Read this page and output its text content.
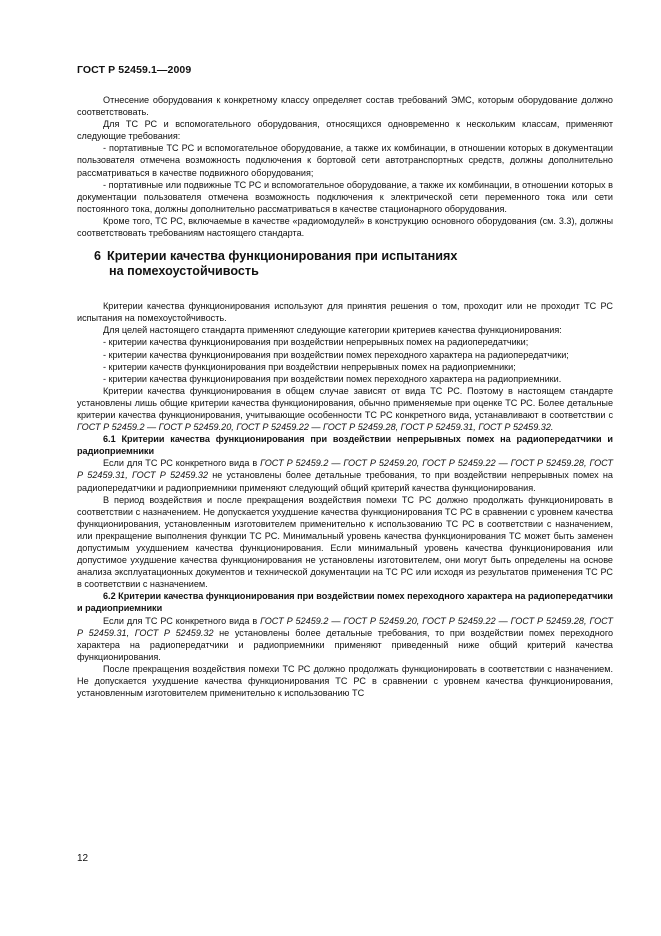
ГОСТ Р 52459.1—2009

Отнесение оборудования к конкретному классу определяет состав требований ЭМС, которым оборудование должно соответствовать.

Для ТС РС и вспомогательного оборудования, относящихся одновременно к нескольким классам, применяют следующие требования:

- портативные ТС РС и вспомогательное оборудование, а также их комбинации, в отношении которых в документации пользователя отмечена возможность подключения к бортовой сети автотранспортных средств, должны дополнительно рассматриваться в качестве подвижного оборудования;

- портативные или подвижные ТС РС и вспомогательное оборудование, а также их комбинации, в отношении которых в документации пользователя отмечена возможность подключения к электрической сети переменного тока или сети постоянного тока, должны дополнительно рассматриваться в качестве стационарного оборудования.

Кроме того, ТС РС, включаемые в качестве «радиомодулей» в конструкцию основного оборудования (см. 3.3), должны соответствовать требованиям настоящего стандарта.

6 Критерии качества функционирования при испытаниях
на помехоустойчивость

Критерии качества функционирования используют для принятия решения о том, проходит или не проходит ТС РС испытания на помехоустойчивость.

Для целей настоящего стандарта применяют следующие категории критериев качества функционирования:

- критерии качества функционирования при воздействии непрерывных помех на радиопередатчики;

- критерии качества функционирования при воздействии помех переходного характера на радиопередатчики;

- критерии качеств функционирования при воздействии непрерывных помех на радиоприемники;

- критерии качества функционирования при воздействии помех переходного характера на радиоприемники.

Критерии качества функционирования в общем случае зависят от вида ТС РС. Поэтому в настоящем стандарте установлены лишь общие критерии качества функционирования, обычно применяемые при оценке ТС РС. Более детальные критерии качества функционирования, учитывающие особенности ТС РС конкретного вида, устанавливают в соответствии с ГОСТ Р 52459.2 — ГОСТ Р 52459.20, ГОСТ Р 52459.22 — ГОСТ Р 52459.28, ГОСТ Р 52459.31, ГОСТ Р 52459.32.

6.1 Критерии качества функционирования при воздействии непрерывных помех на радиопередатчики и радиоприемники

Если для ТС РС конкретного вида в ГОСТ Р 52459.2 — ГОСТ Р 52459.20, ГОСТ Р 52459.22 — ГОСТ Р 52459.28, ГОСТ Р 52459.31, ГОСТ Р 52459.32 не установлены более детальные требования, то при воздействии непрерывных помех на радиопередатчики и радиоприемники применяют следующий общий критерий качества функционирования.

В период воздействия и после прекращения воздействия помехи ТС РС должно продолжать функционировать в соответствии с назначением. Не допускается ухудшение качества функционирования ТС РС в сравнении с уровнем качества функционирования, установленным изготовителем применительно к использованию ТС РС в соответствии с назначением, или прекращение выполнения функции ТС РС. Минимальный уровень качества функционирования ТС может быть заменен допустимым ухудшением качества функционирования. Если минимальный уровень качества функционирования или допустимое ухудшение качества функционирования не установлены изготовителем, они могут быть определены на основе анализа эксплуатационных документов и технической документации на ТС РС или исходя из результатов применения ТС РС в соответствии с назначением.

6.2 Критерии качества функционирования при воздействии помех переходного характера на радиопередатчики и радиоприемники

Если для ТС РС конкретного вида в ГОСТ Р 52459.2 — ГОСТ Р 52459.20, ГОСТ Р 52459.22 — ГОСТ Р 52459.28, ГОСТ Р 52459.31, ГОСТ Р 52459.32 не установлены более детальные требования, то при воздействии помех переходного характера на радиопередатчики и радиоприемники применяют приведенный ниже общий критерий качества функционирования.

После прекращения воздействия помехи ТС РС должно продолжать функционировать в соответствии с назначением. Не допускается ухудшение качества функционирования ТС РС в сравнении с уровнем качества функционирования, установленным изготовителем применительно к использованию ТС

12
